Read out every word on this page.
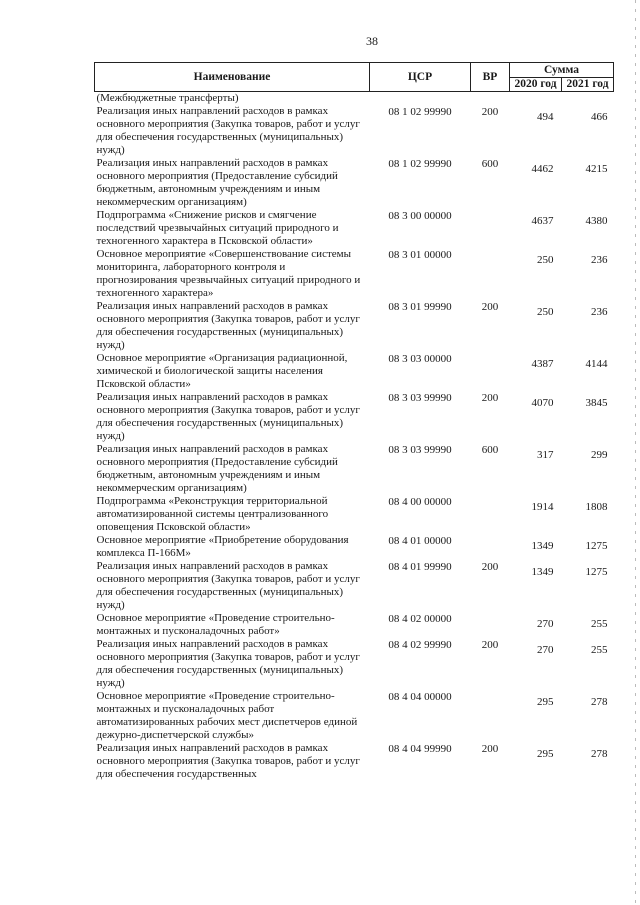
38
Наименование	ЦСР	ВР	Сумма	
			2020 год	2021 год
(Межбюджетные трансферты)				
Реализация иных направлений расходов в рамках основного мероприятия (Закупка товаров, работ и услуг для обеспечения государственных (муниципальных) нужд)	08 1 02 99990	200	494	466
Реализация иных направлений расходов в рамках основного мероприятия (Предоставление субсидий бюджетным, автономным учреждениям и иным некоммерческим организациям)	08 1 02 99990	600	4462	4215
Подпрограмма «Снижение рисков и смягчение последствий чрезвычайных ситуаций природного и техногенного характера в Псковской области»	08 3 00 00000		4637	4380
Основное мероприятие «Совершенствование системы мониторинга, лабораторного контроля и прогнозирования чрезвычайных ситуаций природного и техногенного характера»	08 3 01 00000		250	236
Реализация иных направлений расходов в рамках основного мероприятия (Закупка товаров, работ и услуг для обеспечения государственных (муниципальных) нужд)	08 3 01 99990	200	250	236
Основное мероприятие «Организация радиационной, химической и биологической защиты населения Псковской области»	08 3 03 00000		4387	4144
Реализация иных направлений расходов в рамках основного мероприятия (Закупка товаров, работ и услуг для обеспечения государственных (муниципальных) нужд)	08 3 03 99990	200	4070	3845
Реализация иных направлений расходов в рамках основного мероприятия (Предоставление субсидий бюджетным, автономным учреждениям и иным некоммерческим организациям)	08 3 03 99990	600	317	299
Подпрограмма «Реконструкция территориальной автоматизированной системы централизованного оповещения Псковской области»	08 4 00 00000		1914	1808
Основное мероприятие «Приобретение оборудования комплекса П-166М»	08 4 01 00000		1349	1275
Реализация иных направлений расходов в рамках основного мероприятия (Закупка товаров, работ и услуг для обеспечения государственных (муниципальных) нужд)	08 4 01 99990	200	1349	1275
Основное мероприятие «Проведение строительно-монтажных и пусконаладочных работ»	08 4 02 00000		270	255
Реализация иных направлений расходов в рамках основного мероприятия (Закупка товаров, работ и услуг для обеспечения государственных (муниципальных) нужд)	08 4 02 99990	200	270	255
Основное мероприятие «Проведение строительно-монтажных и пусконаладочных работ автоматизированных рабочих мест диспетчеров единой дежурно-диспетчерской службы»	08 4 04 00000		295	278
Реализация иных направлений расходов в рамках основного мероприятия (Закупка товаров, работ и услуг для обеспечения государственных	08 4 04 99990	200	295	278
